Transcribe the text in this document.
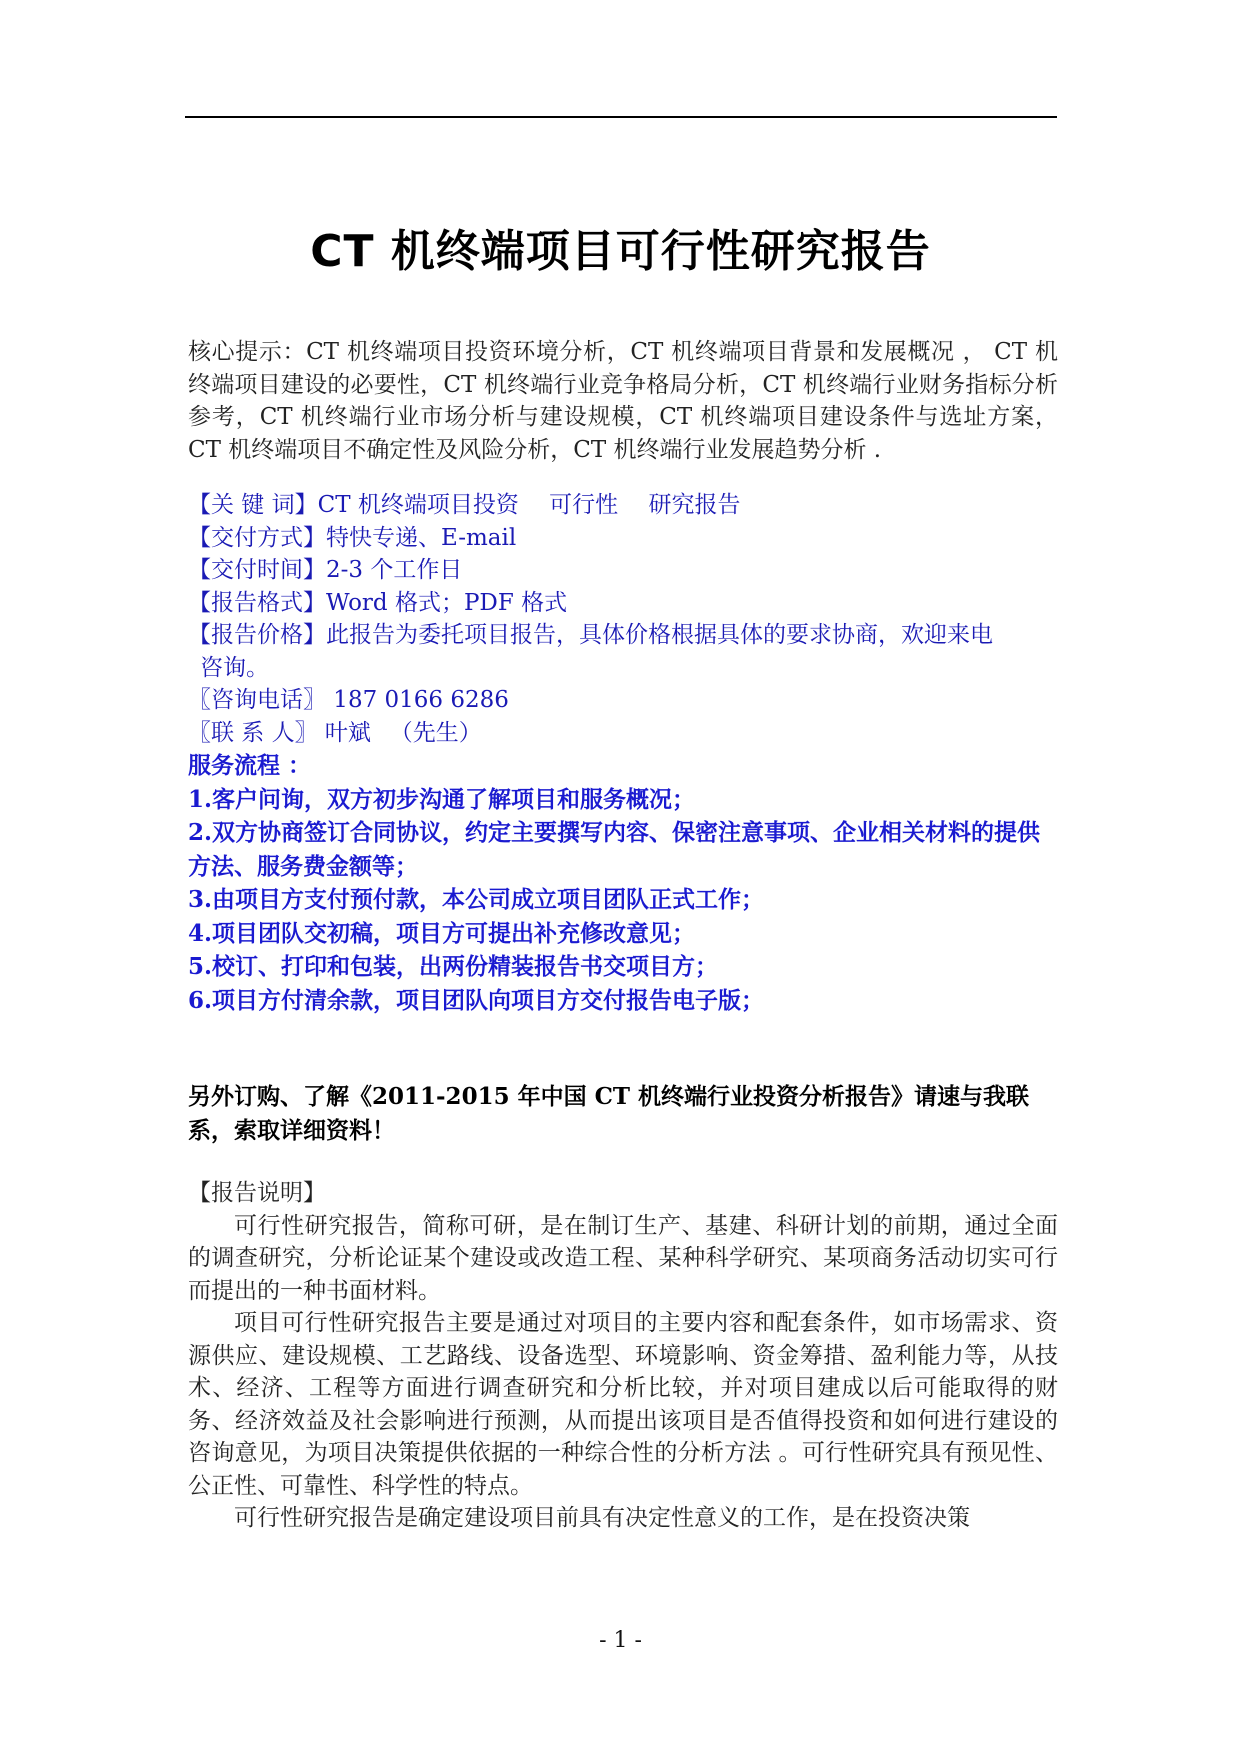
CT 机终端项目可行性研究报告

核心提示：CT 机终端项目投资环境分析，CT 机终端项目背景和发展概况 ， CT 机终端项目建设的必要性，CT 机终端行业竞争格局分析，CT 机终端行业财务指标分析参考，CT 机终端行业市场分析与建设规模，CT 机终端项目建设条件与选址方案，CT 机终端项目不确定性及风险分析，CT 机终端行业发展趋势分析 .

【关 键 词】CT 机终端项目投资　 可行性　 研究报告
【交付方式】特快专递、E-mail
【交付时间】2-3 个工作日
【报告格式】Word 格式；PDF 格式
【报告价格】此报告为委托项目报告，具体价格根据具体的要求协商，欢迎来电
咨询。
〖咨询电话〗 187 0166 6286
〖联 系 人〗 叶斌 　（先生）
服务流程 ：
1.客户问询，双方初步沟通了解项目和服务概况；
2.双方协商签订合同协议，约定主要撰写内容、保密注意事项、企业相关材料的提供方法、服务费金额等；
3.由项目方支付预付款，本公司成立项目团队正式工作；
4.项目团队交初稿，项目方可提出补充修改意见；
5.校订、打印和包装，出两份精装报告书交项目方；
6.项目方付清余款，项目团队向项目方交付报告电子版；
另外订购、了解《2011-2015 年中国 CT 机终端行业投资分析报告》请速与我联系，索取详细资料！

【报告说明】

可行性研究报告，简称可研，是在制订生产、基建、科研计划的前期，通过全面的调查研究，分析论证某个建设或改造工程、某种科学研究、某项商务活动切实可行而提出的一种书面材料。

项目可行性研究报告主要是通过对项目的主要内容和配套条件，如市场需求、资源供应、建设规模、工艺路线、设备选型、环境影响、资金筹措、盈利能力等，从技术、经济、工程等方面进行调查研究和分析比较，并对项目建成以后可能取得的财务、经济效益及社会影响进行预测，从而提出该项目是否值得投资和如何进行建设的咨询意见，为项目决策提供依据的一种综合性的分析方法 。可行性研究具有预见性、公正性、可靠性、科学性的特点。

可行性研究报告是确定建设项目前具有决定性意义的工作，是在投资决策

- 1 -
